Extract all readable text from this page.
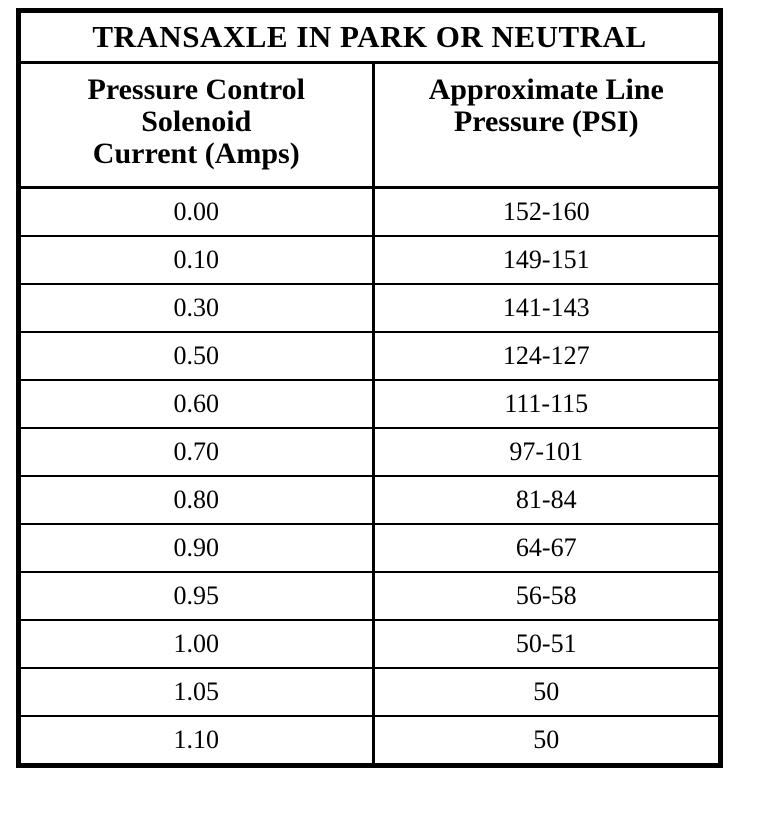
TRANSAXLE IN PARK OR NEUTRAL	

Pressure Control
Solenoid
Current (Amps)	Approximate Line
Pressure (PSI)

0.00	152-160
0.10	149-151
0.30	141-143
0.50	124-127
0.60	111-115
0.70	97-101
0.80	81-84
0.90	64-67
0.95	56-58
1.00	50-51
1.05	50
1.10	50
